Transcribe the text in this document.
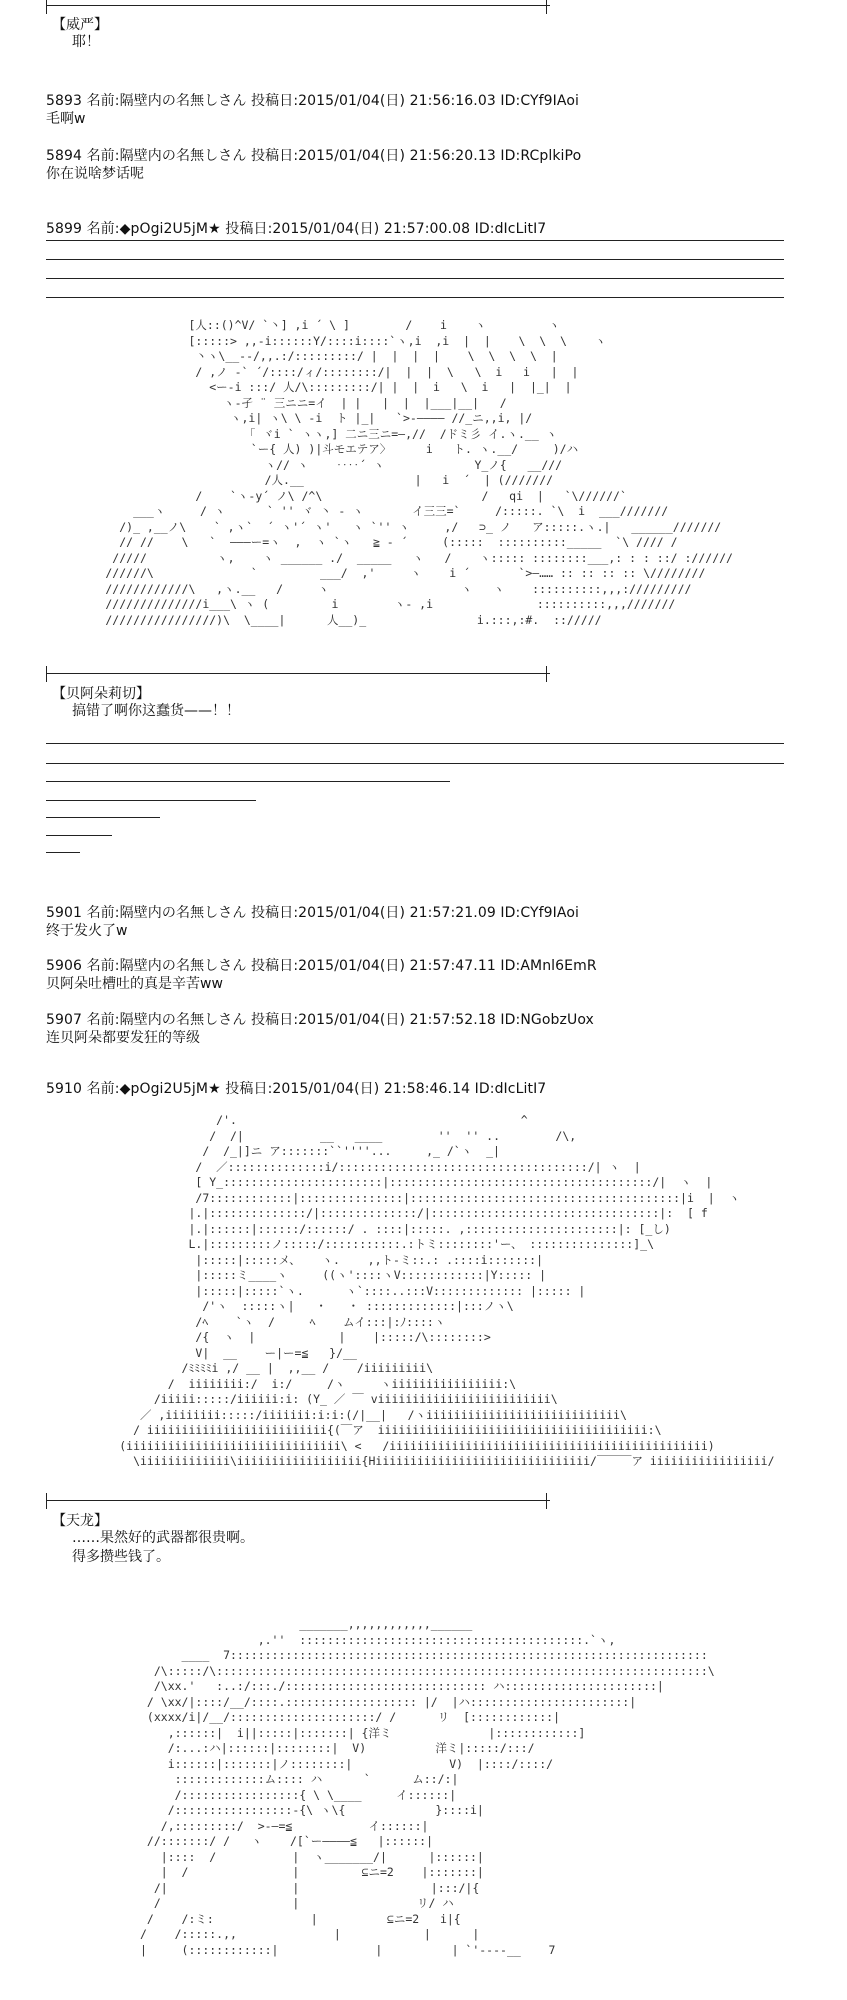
【威严】
耶！
5893 名前:隔壁内の名無しさん 投稿日:2015/01/04(日) 21:56:16.03 ID:CYf9IAoi
毛啊w
5894 名前:隔壁内の名無しさん 投稿日:2015/01/04(日) 21:56:20.13 ID:RCplkiPo
你在说啥梦话呢
5899 名前:◆pOgi2U5jM★ 投稿日:2015/01/04(日) 21:57:00.08 ID:dIcLitI7
[人::()^V/ `丶] ,i ´ \ ]        /    i    ヽ         ヽ
[:::::> ,,-i::::::Y/::::i::::`ヽ,i  ,i  |  |    \  \  \    ヽ
丶ヽ\__--/,,.:/:::::::::/ |  |  |  |    \  \  \  \  |
/ ,ノ -` ´/::::/ィ/::::::::/|  |  |  \   \  i   i   |  |
<ー-i :::/ 人/\:::::::::/| |  |  i   \  i   |  |_|  |
ヽ-孑 ¨ 三ニニ=イ  | |   |  |  |___|__|   /
ヽ,i| ヽ\ \ -i  ト |_|   `>-―――― //_ニ,,i, |/
「 ヾi ` ヽヽ,] 二ニ三ニ=―,//  /ドミ彡 イ.ヽ.__ ヽ
`ー{ 人) )|斗モエテア〉     i   ト. ヽ.__/     )/ハ
ヽ// ヽ    ‥‥´ ヽ             Y_ノ{   __///
/人.__                |   i  ´  | (///////
/    `ヽ-y´ ノ\ /^\                       /   qi  |   `\//////`
___ヽ     / ヽ      ` '' ヾ 丶 - ヽ       イ三三=`     /:::::. `\  i  ___///////
/)_ ,__ノ\    ` ,ヽ`  ´ ヽ'´ ヽ'   ヽ `'' ヽ     ,/   ⊃_ ノ   ア:::::.ヽ.|   ______///////
// //    \   `  ―――ー=ヽ  ,  ヽ `ヽ   ≧ - ´     (:::::  ::::::::::_____  `\ //// /
/////          ヽ,    ヽ ______ ./  _____   ヽ   /    ヽ::::: ::::::::___,: : : ::/ ://////
//////\              `         ___/  ,'     ヽ    i ´       `>―…… :: :: :: :: \////////
////////////\   ,ヽ.__   /     ヽ                   ヽ   ヽ    ::::::::::,,,://///////
//////////////i___\ ヽ (         i        ヽ- ,i               ::::::::::,,,///////
////////////////)\  \____|      人__)_                i.:::,:#.  :://///
【贝阿朵莉切】
搞错了啊你这蠢货——！！
5901 名前:隔壁内の名無しさん 投稿日:2015/01/04(日) 21:57:21.09 ID:CYf9IAoi
终于发火了w
5906 名前:隔壁内の名無しさん 投稿日:2015/01/04(日) 21:57:47.11 ID:AMnl6EmR
贝阿朵吐槽吐的真是辛苦ww
5907 名前:隔壁内の名無しさん 投稿日:2015/01/04(日) 21:57:52.18 ID:NGobzUox
连贝阿朵都要发狂的等级
5910 名前:◆pOgi2U5jM★ 投稿日:2015/01/04(日) 21:58:46.14 ID:dIcLitI7
/'.                                         ^
/  /|           __   ____        ''  '' ..        /\,
/  /_|]ニ ア:::::::``''''...     ,_ /`ヽ  _|
/  ／::::::::::::::i/::::::::::::::::::::::::::::::::::::/| ヽ  |
[ Y_:::::::::::::::::::::::|::::::::::::::::::::::::::::::::::::::/|  ヽ  |
/7::::::::::::|:::::::::::::::|:::::::::::::::::::::::::::::::::::::::|i  |  ヽ
|.|::::::::::::::/|::::::::::::::/|:::::::::::::::::::::::::::::::::|:  [ f
|.|::::::|::::::/::::::/ . ::::|:::::. ,::::::::::::::::::::::|: [_し)
L.|:::::::::ノ:::::/:::::::::::.:トミ::::::::'ー、 :::::::::::::::]_\
|:::::|:::::メ、   ヽ.    ,,ト‐ミ::.: .::::i:::::::|
|:::::ミ____ヽ     ((ヽ'::::ヽV::::::::::::|Y::::: |
|:::::|:::::`ヽ.      ヽ`::::..:::V::::::::::::: |::::: |
/'ヽ  :::::ヽ|   ・   ・ :::::::::::::|:::ノヽ\
/ﾍ    `ヽ  /     ﾍ    ムイ:::|:ﾉ::::ヽ
/{  ヽ  |            |    |:::::/\::::::::>
V|  __    ー|ー=≦   }/__
/ﾐﾐﾐﾐi ,/ __ |  ,,__ /    /iiiiiiiii\
/  iiiiiiii:/  i:/     /ヽ     ヽiiiiiiiiiiiiiiii:\
/iiiii:::::/iiiiii:i: (Y_ ／ ￣ viiiiiiiiiiiiiiiiiiiiiiiii\
／ ,iiiiiiii:::::/iiiiiii:i:i:(/|__|   /ヽiiiiiiiiiiiiiiiiiiiiiiiiiiii\
/ iiiiiiiiiiiiiiiiiiiiiiiiii{(￣ア  iiiiiiiiiiiiiiiiiiiiiiiiiiiiiiiiiiiiiii:\
(iiiiiiiiiiiiiiiiiiiiiiiiiiiiiii\ <   /iiiiiiiiiiiiiiiiiiiiiiiiiiiiiiiiiiiiiiiiiiiiii)
\iiiiiiiiiiiii\iiiiiiiiiiiiiiiiii{Hiiiiiiiiiiiiiiiiiiiiiiiiiiiiiii/￣￣￣ア iiiiiiiiiiiiiiiii/
【天龙】
……果然好的武器都很贵啊。
得多攒些钱了。
_______,,,,,,,,,,,,______
,.''  :::::::::::::::::::::::::::::::::::::::::.`ヽ,
____  7:::::::::::::::::::::::::::::::::::::::::::::::::::::::::::::::::::::
/\:::::/\:::::::::::::::::::::::::::::::::::::::::::::::::::::::::::::::::::::::\
/\xx.'   :..:/:::./::::::::::::::::::::::::::::: ハ::::::::::::::::::::::|
/ \xx/|::::/__/::::.::::::::::::::::::: |/  |ハ:::::::::::::::::::::::|
(xxxx/i|/__/:::::::::::::::::::::/ /      リ  [::::::::::::|
,::::::|  i||:::::|:::::::| {洋ミ              |::::::::::::]
/:...:ハ|::::::|::::::::|  V)          洋ミ|:::::/:::/
i::::::|:::::::|ノ::::::::|              V)  |::::/::::/
:::::::::::::ム:::: ハ      `      ム::/:|
/:::::::::::::::::{ \ \____     イ::::::|
/:::::::::::::::::-{\ ヽ\{             }::::i|
/,:::::::::/  >-―=≦           イ::::::|
//:::::::/ /   ヽ    /[`ー――――≦   |::::::|
|::::  /           |  ヽ_______/|      |::::::|
|  /               |         ⊆ニ=2    |:::::::|
/|                  |                   |:::/|{
/                   |                 リ/ ハ
/    /:ミ:              |          ⊆ニ=2   i|{
/    /:::::.,,              |            |      |
|     (::::::::::::|              |          | `'‐‐‐‐__    7
